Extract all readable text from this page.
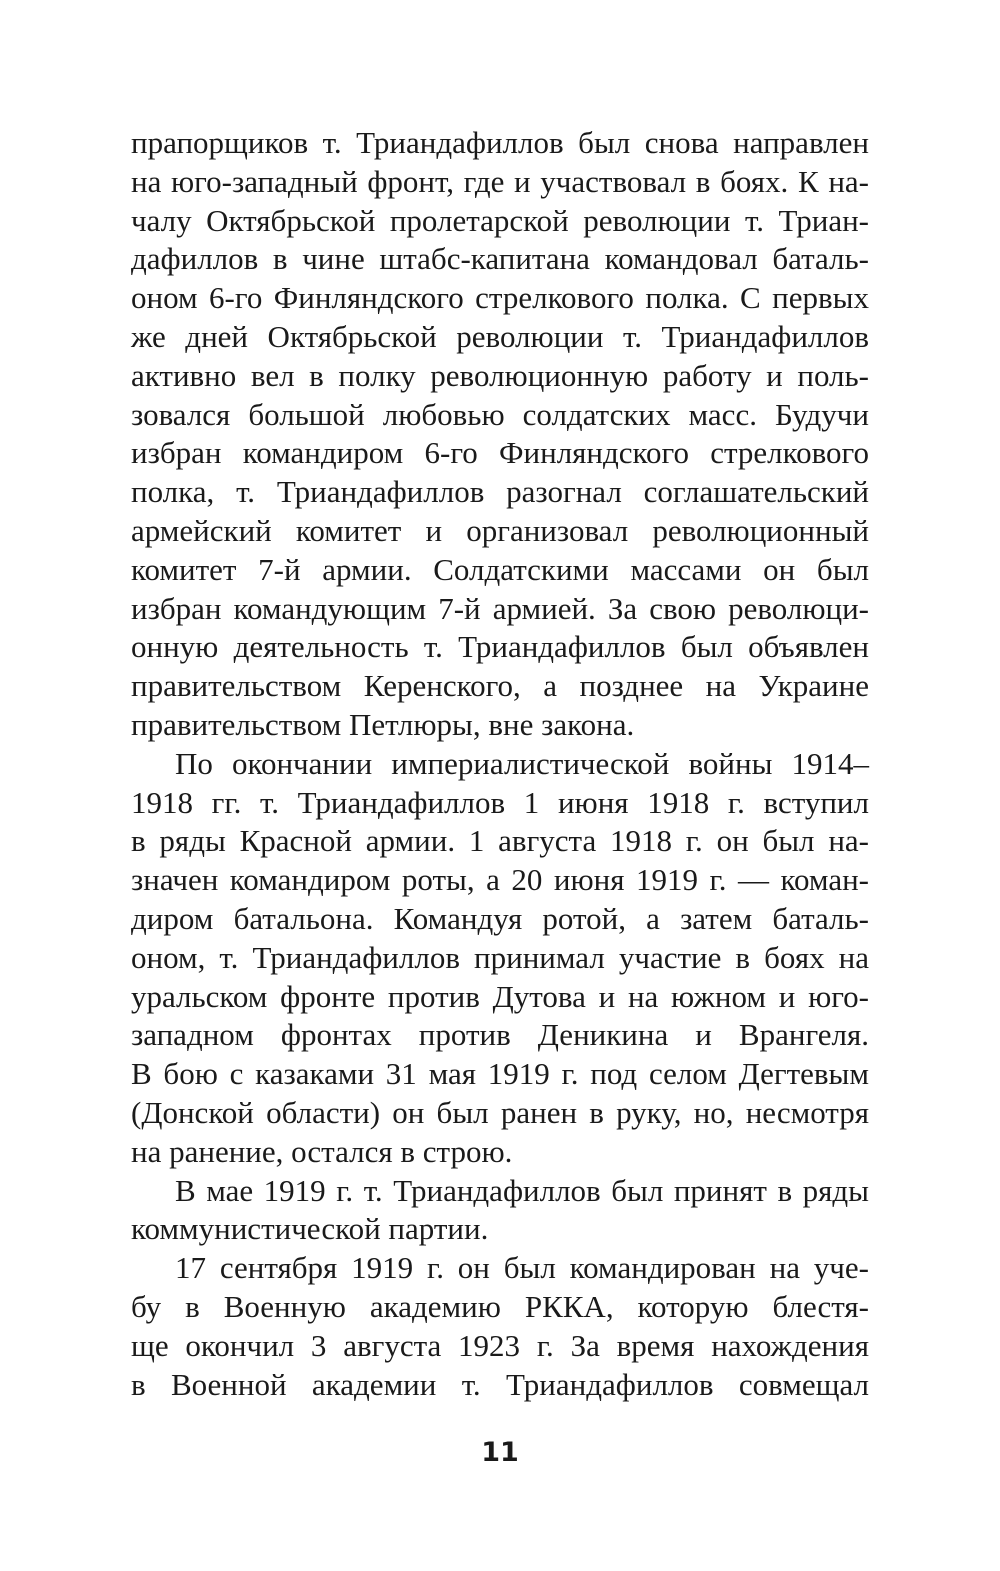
прапорщиков т. Триандафиллов был снова направлен
на юго-западный фронт, где и участвовал в боях. К на-
чалу Октябрьской пролетарской революции т. Триан-
дафиллов в чине штабс-капитана командовал баталь-
оном 6-го Финляндского стрелкового полка. С первых
же дней Октябрьской революции т. Триандафиллов
активно вел в полку революционную работу и поль-
зовался большой любовью солдатских масс. Будучи
избран командиром 6-го Финляндского стрелкового
полка, т. Триандафиллов разогнал соглашательский
армейский комитет и организовал революционный
комитет 7-й армии. Солдатскими массами он был
избран командующим 7-й армией. За свою революци-
онную деятельность т. Триандафиллов был объявлен
правительством Керенского, а позднее на Украине
правительством Петлюры, вне закона.
По окончании империалистической войны 1914–
1918 гг. т. Триандафиллов 1 июня 1918 г. вступил
в ряды Красной армии. 1 августа 1918 г. он был на-
значен командиром роты, а 20 июня 1919 г. — коман-
диром батальона. Командуя ротой, а затем баталь-
оном, т. Триандафиллов принимал участие в боях на
уральском фронте против Дутова и на южном и юго-
западном фронтах против Деникина и Врангеля.
В бою с казаками 31 мая 1919 г. под селом Дегтевым
(Донской области) он был ранен в руку, но, несмотря
на ранение, остался в строю.
В мае 1919 г. т. Триандафиллов был принят в ряды
коммунистической партии.
17 сентября 1919 г. он был командирован на уче-
бу в Военную академию РККА, которую блестя-
ще окончил 3 августа 1923 г. За время нахождения
в Военной академии т. Триандафиллов совмещал
11
